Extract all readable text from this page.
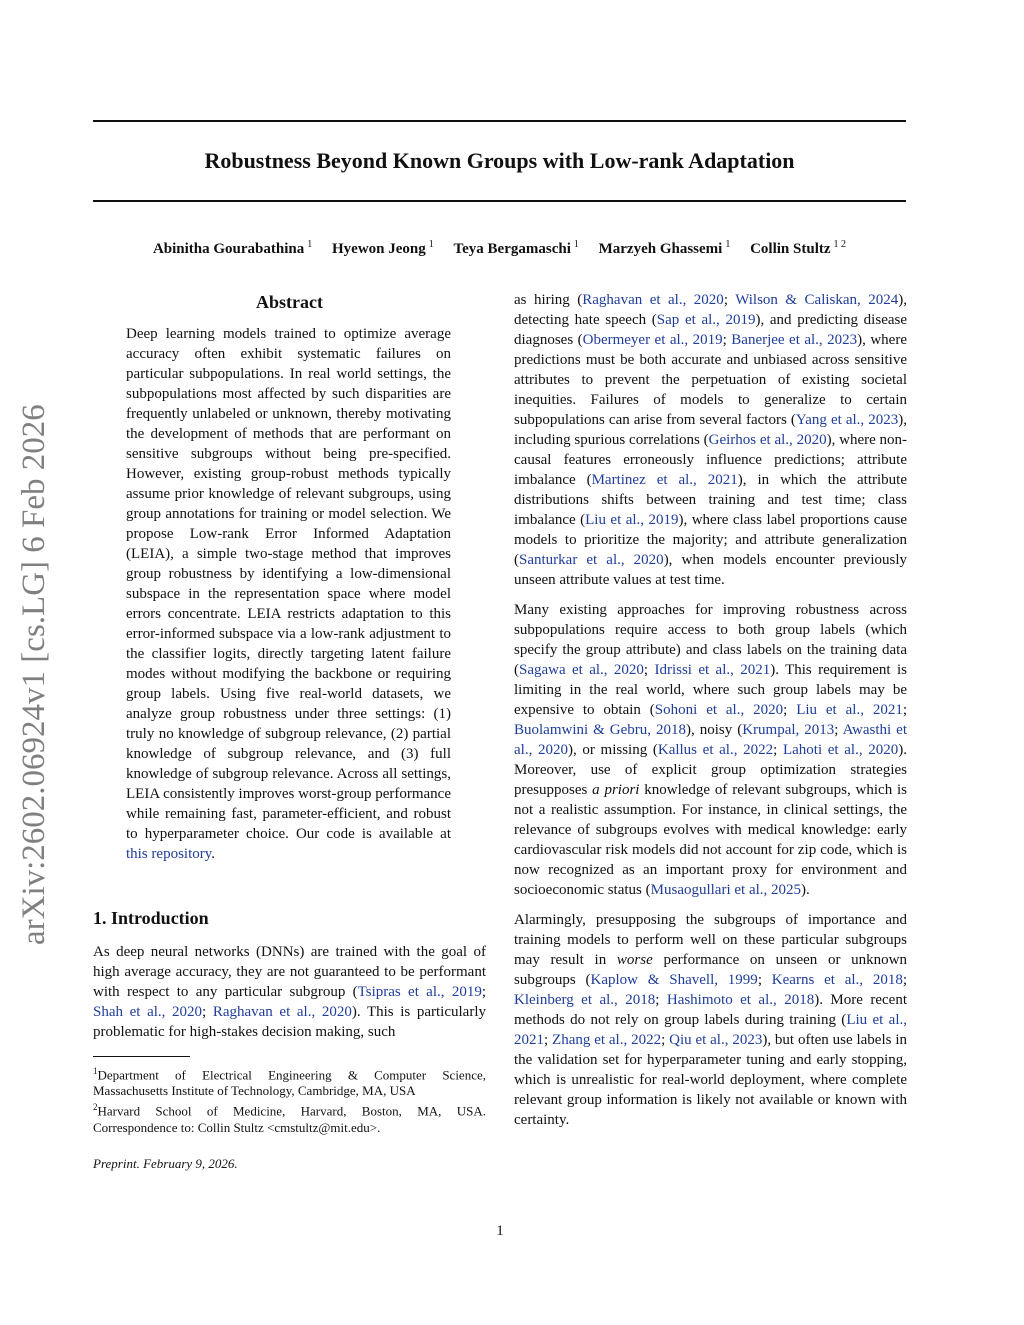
Robustness Beyond Known Groups with Low-rank Adaptation
Abinitha Gourabathina $^1$ Hyewon Jeong $^1$ Teya Bergamaschi $^1$ Marzyeh Ghassemi $^1$ Collin Stultz $^{1 2}$
arXiv:2602.06924v1 [cs.LG] 6 Feb 2026
Abstract
Deep learning models trained to optimize average accuracy often exhibit systematic failures on particular subpopulations. In real world settings, the subpopulations most affected by such disparities are frequently unlabeled or unknown, thereby motivating the development of methods that are performant on sensitive subgroups without being pre-specified. However, existing group-robust methods typically assume prior knowledge of relevant subgroups, using group annotations for training or model selection. We propose Low-rank Error Informed Adaptation (LEIA), a simple two-stage method that improves group robustness by identifying a low-dimensional subspace in the representation space where model errors concentrate. LEIA restricts adaptation to this error-informed subspace via a low-rank adjustment to the classifier logits, directly targeting latent failure modes without modifying the backbone or requiring group labels. Using five real-world datasets, we analyze group robustness under three settings: (1) truly no knowledge of subgroup relevance, (2) partial knowledge of subgroup relevance, and (3) full knowledge of subgroup relevance. Across all settings, LEIA consistently improves worst-group performance while remaining fast, parameter-efficient, and robust to hyperparameter choice. Our code is available at this repository.
1. Introduction

As deep neural networks (DNNs) are trained with the goal of high average accuracy, they are not guaranteed to be performant with respect to any particular subgroup (Tsipras et al., 2019; Shah et al., 2020; Raghavan et al., 2020). This is particularly problematic for high-stakes decision making, such

$^1$Department of Electrical Engineering & Computer Science, Massachusetts Institute of Technology, Cambridge, MA, USA
$^2$Harvard School of Medicine, Harvard, Boston, MA, USA. Correspondence to: Collin Stultz <cmstultz@mit.edu>.
Preprint. February 9, 2026.

as hiring (Raghavan et al., 2020; Wilson & Caliskan, 2024), detecting hate speech (Sap et al., 2019), and predicting disease diagnoses (Obermeyer et al., 2019; Banerjee et al., 2023), where predictions must be both accurate and unbiased across sensitive attributes to prevent the perpetuation of existing societal inequities. Failures of models to generalize to certain subpopulations can arise from several factors (Yang et al., 2023), including spurious correlations (Geirhos et al., 2020), where non-causal features erroneously influence predictions; attribute imbalance (Martinez et al., 2021), in which the attribute distributions shifts between training and test time; class imbalance (Liu et al., 2019), where class label proportions cause models to prioritize the majority; and attribute generalization (Santurkar et al., 2020), when models encounter previously unseen attribute values at test time.

Many existing approaches for improving robustness across subpopulations require access to both group labels (which specify the group attribute) and class labels on the training data (Sagawa et al., 2020; Idrissi et al., 2021). This requirement is limiting in the real world, where such group labels may be expensive to obtain (Sohoni et al., 2020; Liu et al., 2021; Buolamwini & Gebru, 2018), noisy (Krumpal, 2013; Awasthi et al., 2020), or missing (Kallus et al., 2022; Lahoti et al., 2020). Moreover, use of explicit group optimization strategies presupposes a priori knowledge of relevant subgroups, which is not a realistic assumption. For instance, in clinical settings, the relevance of subgroups evolves with medical knowledge: early cardiovascular risk models did not account for zip code, which is now recognized as an important proxy for environment and socioeconomic status (Musaogullari et al., 2025).

Alarmingly, presupposing the subgroups of importance and training models to perform well on these particular subgroups may result in worse performance on unseen or unknown subgroups (Kaplow & Shavell, 1999; Kearns et al., 2018; Kleinberg et al., 2018; Hashimoto et al., 2018). More recent methods do not rely on group labels during training (Liu et al., 2021; Zhang et al., 2022; Qiu et al., 2023), but often use labels in the validation set for hyperparameter tuning and early stopping, which is unrealistic for real-world deployment, where complete relevant group information is likely not available or known with certainty.

1
